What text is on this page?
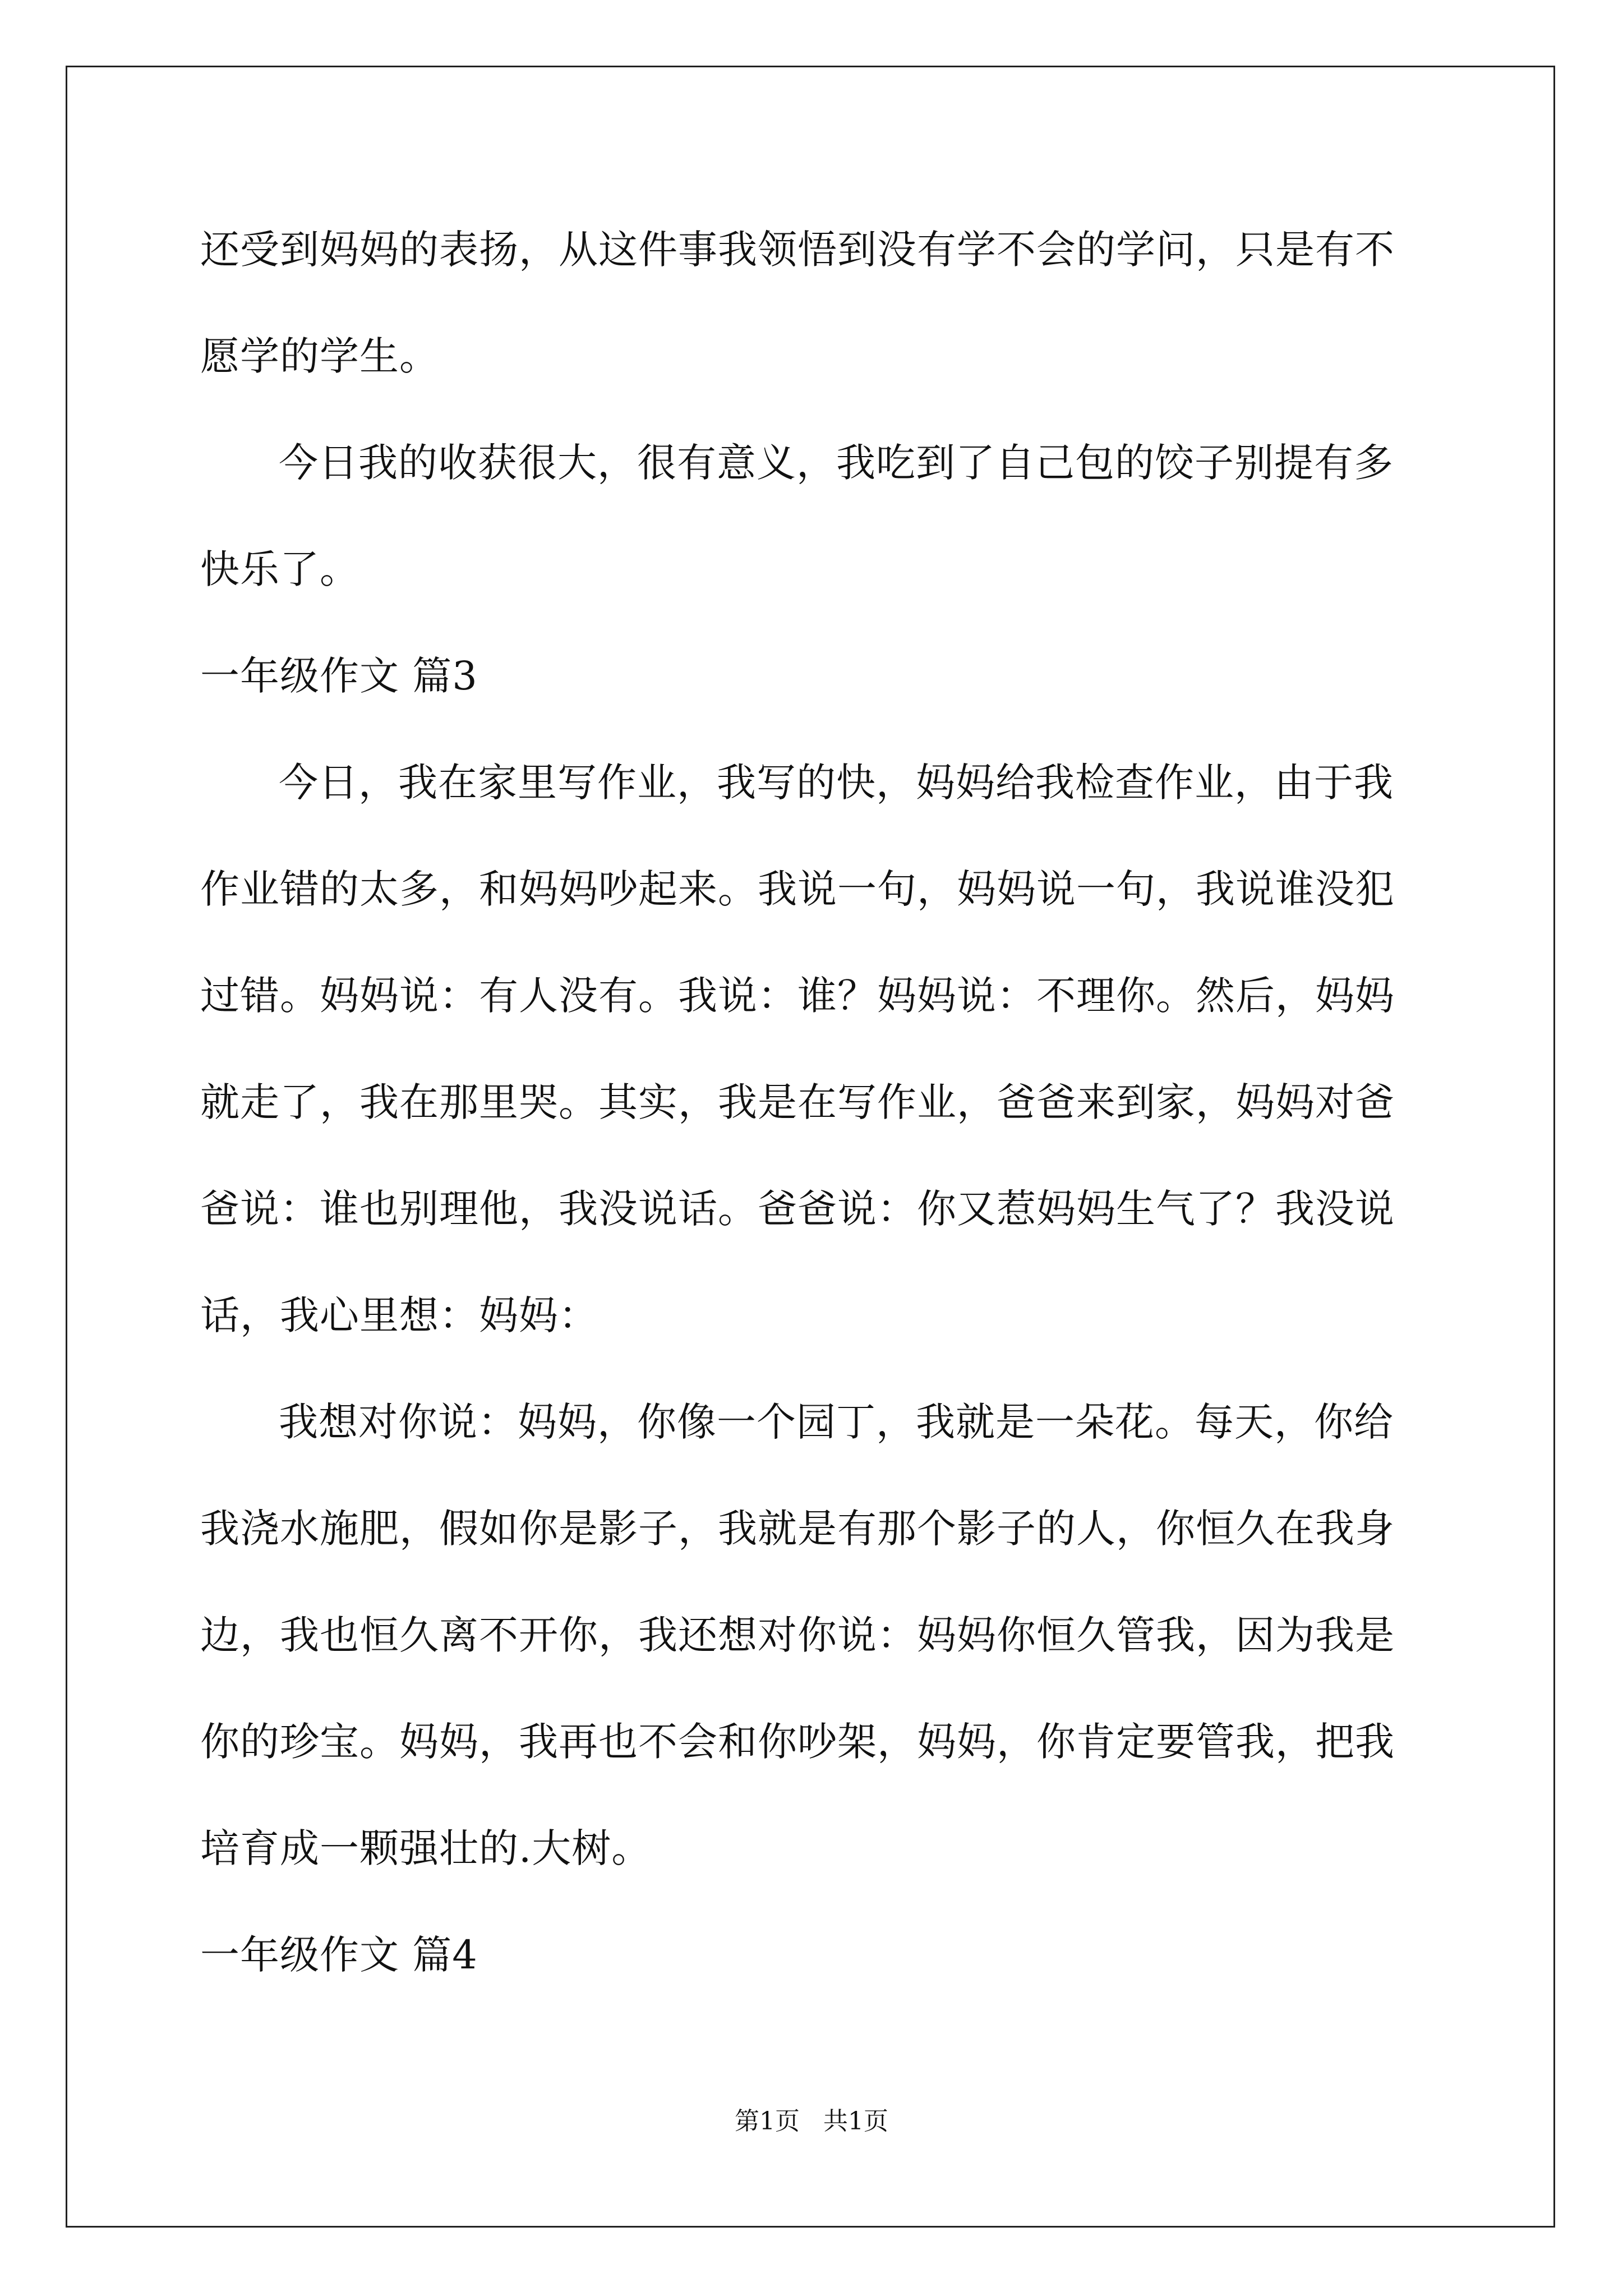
还受到妈妈的表扬，从这件事我领悟到没有学不会的学问，只是有不
愿学的学生。
今日我的收获很大，很有意义，我吃到了自己包的饺子别提有多
快乐了。
一年级作文 篇3
今日，我在家里写作业，我写的快，妈妈给我检查作业，由于我
作业错的太多，和妈妈吵起来。我说一句，妈妈说一句，我说谁没犯
过错。妈妈说：有人没有。我说：谁？妈妈说：不理你。然后，妈妈
就走了，我在那里哭。其实，我是在写作业，爸爸来到家，妈妈对爸
爸说：谁也别理他，我没说话。爸爸说：你又惹妈妈生气了？我没说
话，我心里想：妈妈：
我想对你说：妈妈，你像一个园丁，我就是一朵花。每天，你给
我浇水施肥，假如你是影子，我就是有那个影子的人，你恒久在我身
边，我也恒久离不开你，我还想对你说：妈妈你恒久管我，因为我是
你的珍宝。妈妈，我再也不会和你吵架，妈妈，你肯定要管我，把我
培育成一颗强壮的.大树。
一年级作文 篇4
第1页   共1页
